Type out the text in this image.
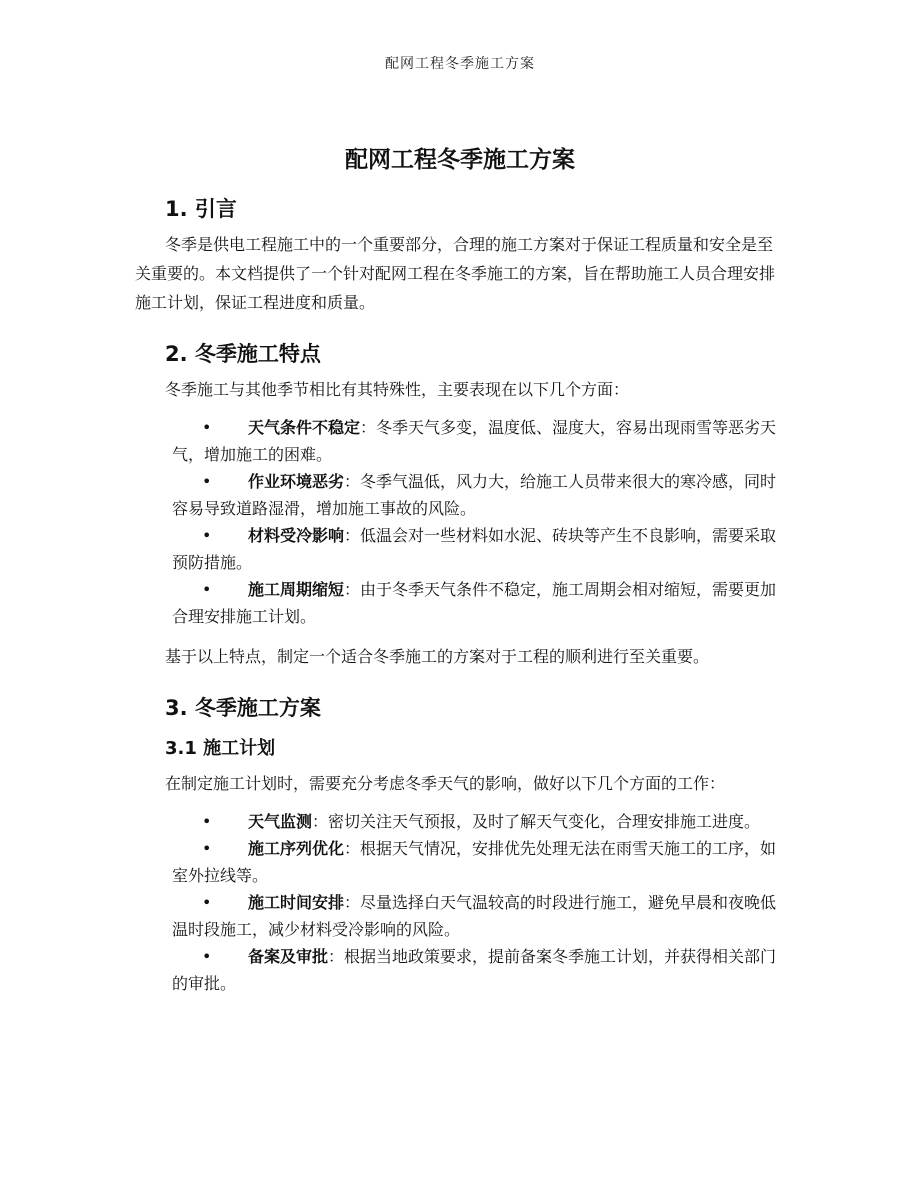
配网工程冬季施工方案
配网工程冬季施工方案
1. 引言

冬季是供电工程施工中的一个重要部分，合理的施工方案对于保证工程质量和安全是至关重要的。本文档提供了一个针对配网工程在冬季施工的方案，旨在帮助施工人员合理安排施工计划，保证工程进度和质量。

2. 冬季施工特点

冬季施工与其他季节相比有其特殊性，主要表现在以下几个方面：

• 天气条件不稳定：冬季天气多变，温度低、湿度大，容易出现雨雪等恶劣天气，增加施工的困难。
• 作业环境恶劣：冬季气温低，风力大，给施工人员带来很大的寒冷感，同时容易导致道路湿滑，增加施工事故的风险。
• 材料受冷影响：低温会对一些材料如水泥、砖块等产生不良影响，需要采取预防措施。
• 施工周期缩短：由于冬季天气条件不稳定，施工周期会相对缩短，需要更加合理安排施工计划。

基于以上特点，制定一个适合冬季施工的方案对于工程的顺利进行至关重要。

3. 冬季施工方案
3.1 施工计划

在制定施工计划时，需要充分考虑冬季天气的影响，做好以下几个方面的工作：

• 天气监测：密切关注天气预报，及时了解天气变化，合理安排施工进度。
• 施工序列优化：根据天气情况，安排优先处理无法在雨雪天施工的工序，如室外拉线等。
• 施工时间安排：尽量选择白天气温较高的时段进行施工，避免早晨和夜晚低温时段施工，减少材料受冷影响的风险。
• 备案及审批：根据当地政策要求，提前备案冬季施工计划，并获得相关部门的审批。
